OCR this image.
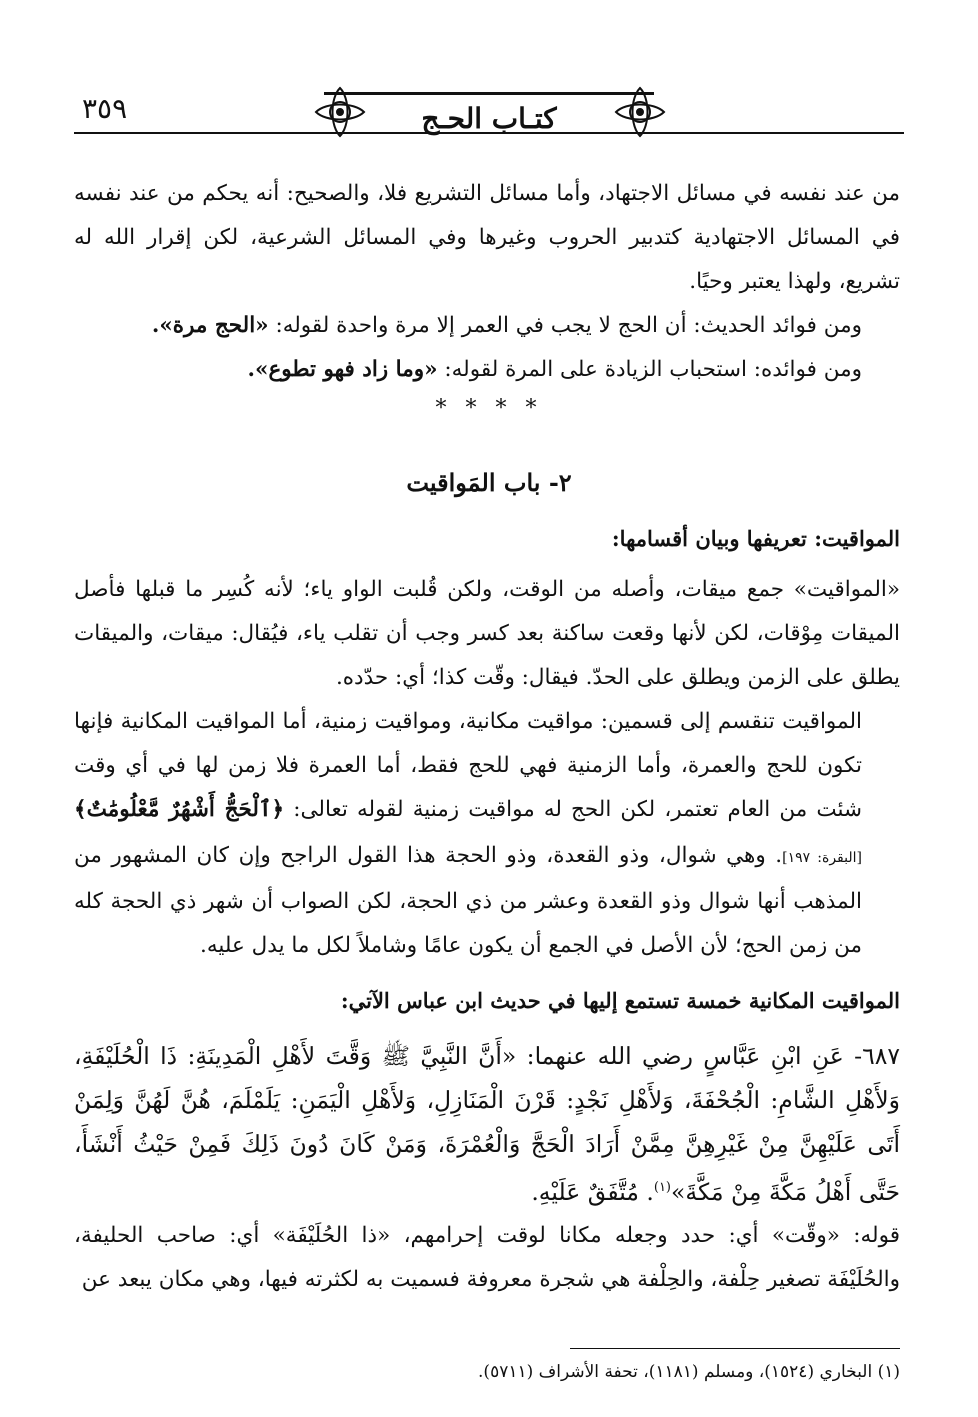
٣٥٩	كتـاب الحـج
من عند نفسه في مسائل الاجتهاد، وأما مسائل التشريع فلا، والصحيح: أنه يحكم من عند نفسه في المسائل الاجتهادية كتدبير الحروب وغيرها وفي المسائل الشرعية، لكن إقرار الله له تشريع، ولهذا يعتبر وحيًا.
ومن فوائد الحديث: أن الحج لا يجب في العمر إلا مرة واحدة لقوله: «الحج مرة».
ومن فوائده: استحباب الزيادة على المرة لقوله: «وما زاد فهو تطوع».
* * * *
٢- باب المَواقيت
المواقيت: تعريفها وبيان أقسامها:
«المواقيت» جمع ميقات، وأصله من الوقت، ولكن قُلبت الواو ياء؛ لأنه كُسِر ما قبلها فأصل الميقات مِوْقات، لكن لأنها وقعت ساكنة بعد كسر وجب أن تقلب ياء، فيُقال: ميقات، والميقات يطلق على الزمن ويطلق على الحدّ. فيقال: وقّت كذا؛ أي: حدّده.
المواقيت تنقسم إلى قسمين: مواقيت مكانية، ومواقيت زمنية، أما المواقيت المكانية فإنها تكون للحج والعمرة، وأما الزمنية فهي للحج فقط، أما العمرة فلا زمن لها في أي وقت شئت من العام تعتمر، لكن الحج له مواقيت زمنية لقوله تعالى: ﴿ٱلْحَجُّ أَشْهُرٌ مَّعْلُومَٰتٌ﴾ [البقرة: ١٩٧]. وهي شوال، وذو القعدة، وذو الحجة هذا القول الراجح وإن كان المشهور من المذهب أنها شوال وذو القعدة وعشر من ذي الحجة، لكن الصواب أن شهر ذي الحجة كله من زمن الحج؛ لأن الأصل في الجمع أن يكون عامًا وشاملاً لكل ما يدل عليه.
المواقيت المكانية خمسة تستمع إليها في حديث ابن عباس الآتي:
٦٨٧- عَنِ ابْنِ عَبَّاسٍ رضي الله عنهما: «أَنَّ النَّبِيَّ ﷺ وَقَّتَ لأَهْلِ الْمَدِينَةِ: ذَا الْحُلَيْفَةِ، وَلأَهْلِ الشَّامِ: الْجُحْفَةَ، وَلأَهْلِ نَجْدٍ: قَرْنَ الْمَنَازِلِ، وَلأَهْلِ الْيَمَنِ: يَلَمْلَمَ، هُنَّ لَهُنَّ وَلِمَنْ أَتَى عَلَيْهِنَّ مِنْ غَيْرِهِنَّ مِمَّنْ أَرَادَ الْحَجَّ وَالْعُمْرَةَ، وَمَنْ كَانَ دُونَ ذَلِكَ فَمِنْ حَيْثُ أَنْشَأَ، حَتَّى أَهْلُ مَكَّةَ مِنْ مَكَّةَ»$^{(١)}$. مُتَّفَقٌ عَلَيْهِ.
قوله: «وقّت» أي: حدد وجعله مكانا لوقت إحرامهم، «ذا الحُلَيْفَة» أي: صاحب الحليفة، والحُلَيْفَة تصغير حِلْفة، والحِلْفة هي شجرة معروفة فسميت به لكثرته فيها، وهي مكان يبعد عن
(١) البخاري (١٥٢٤)، ومسلم (١١٨١)، تحفة الأشراف (٥٧١١).
